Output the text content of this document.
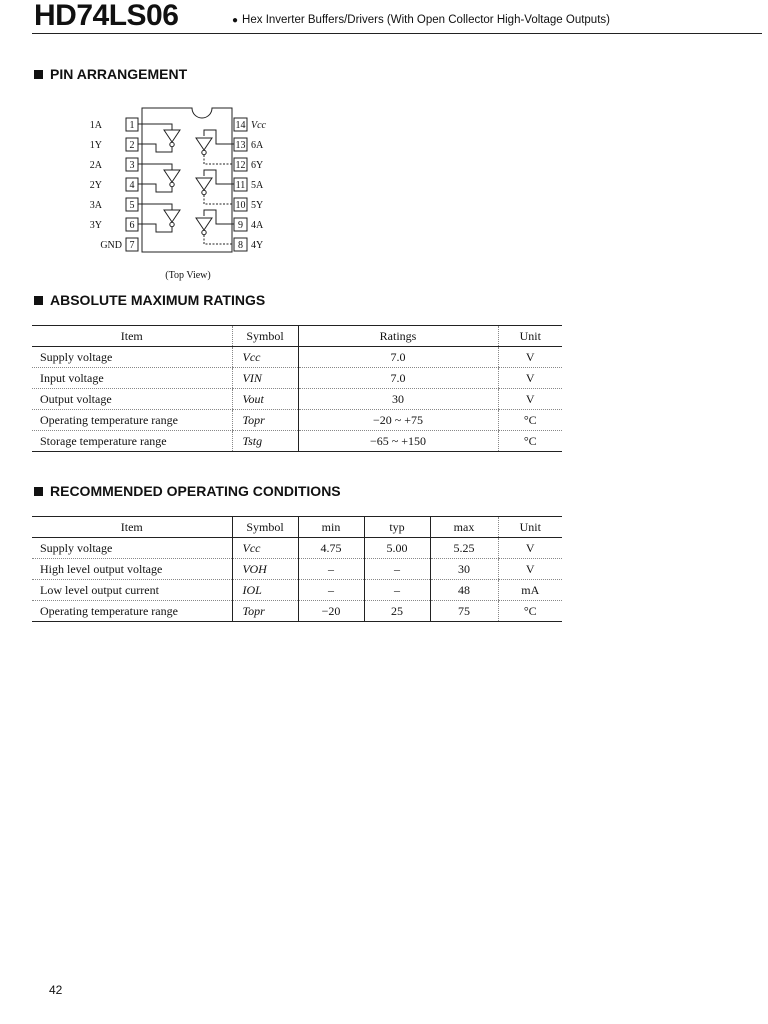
HD74LS06	● Hex Inverter Buffers/Drivers (With Open Collector High-Voltage Outputs)
PIN ARRANGEMENT
1A
1Y
2A
2Y
3A
3Y
GND
1
2
3
4
5
6
7
14
13
12
11
10
9
8
Vcc
6A
6Y
5A
5Y
4A
4Y
(Top View)
ABSOLUTE MAXIMUM RATINGS
Item	Symbol	Ratings	Unit
Supply voltage	Vcc	7.0	V
Input voltage	VIN	7.0	V
Output voltage	Vout	30	V
Operating temperature range	Topr	−20 ~ +75	°C
Storage temperature range	Tstg	−65 ~ +150	°C
RECOMMENDED OPERATING CONDITIONS
Item	Symbol	min	typ	max	Unit
Supply voltage	Vcc	4.75	5.00	5.25	V
High level output voltage	VOH	–	–	30	V
Low level output current	IOL	–	–	48	mA
Operating temperature range	Topr	−20	25	75	°C
42
